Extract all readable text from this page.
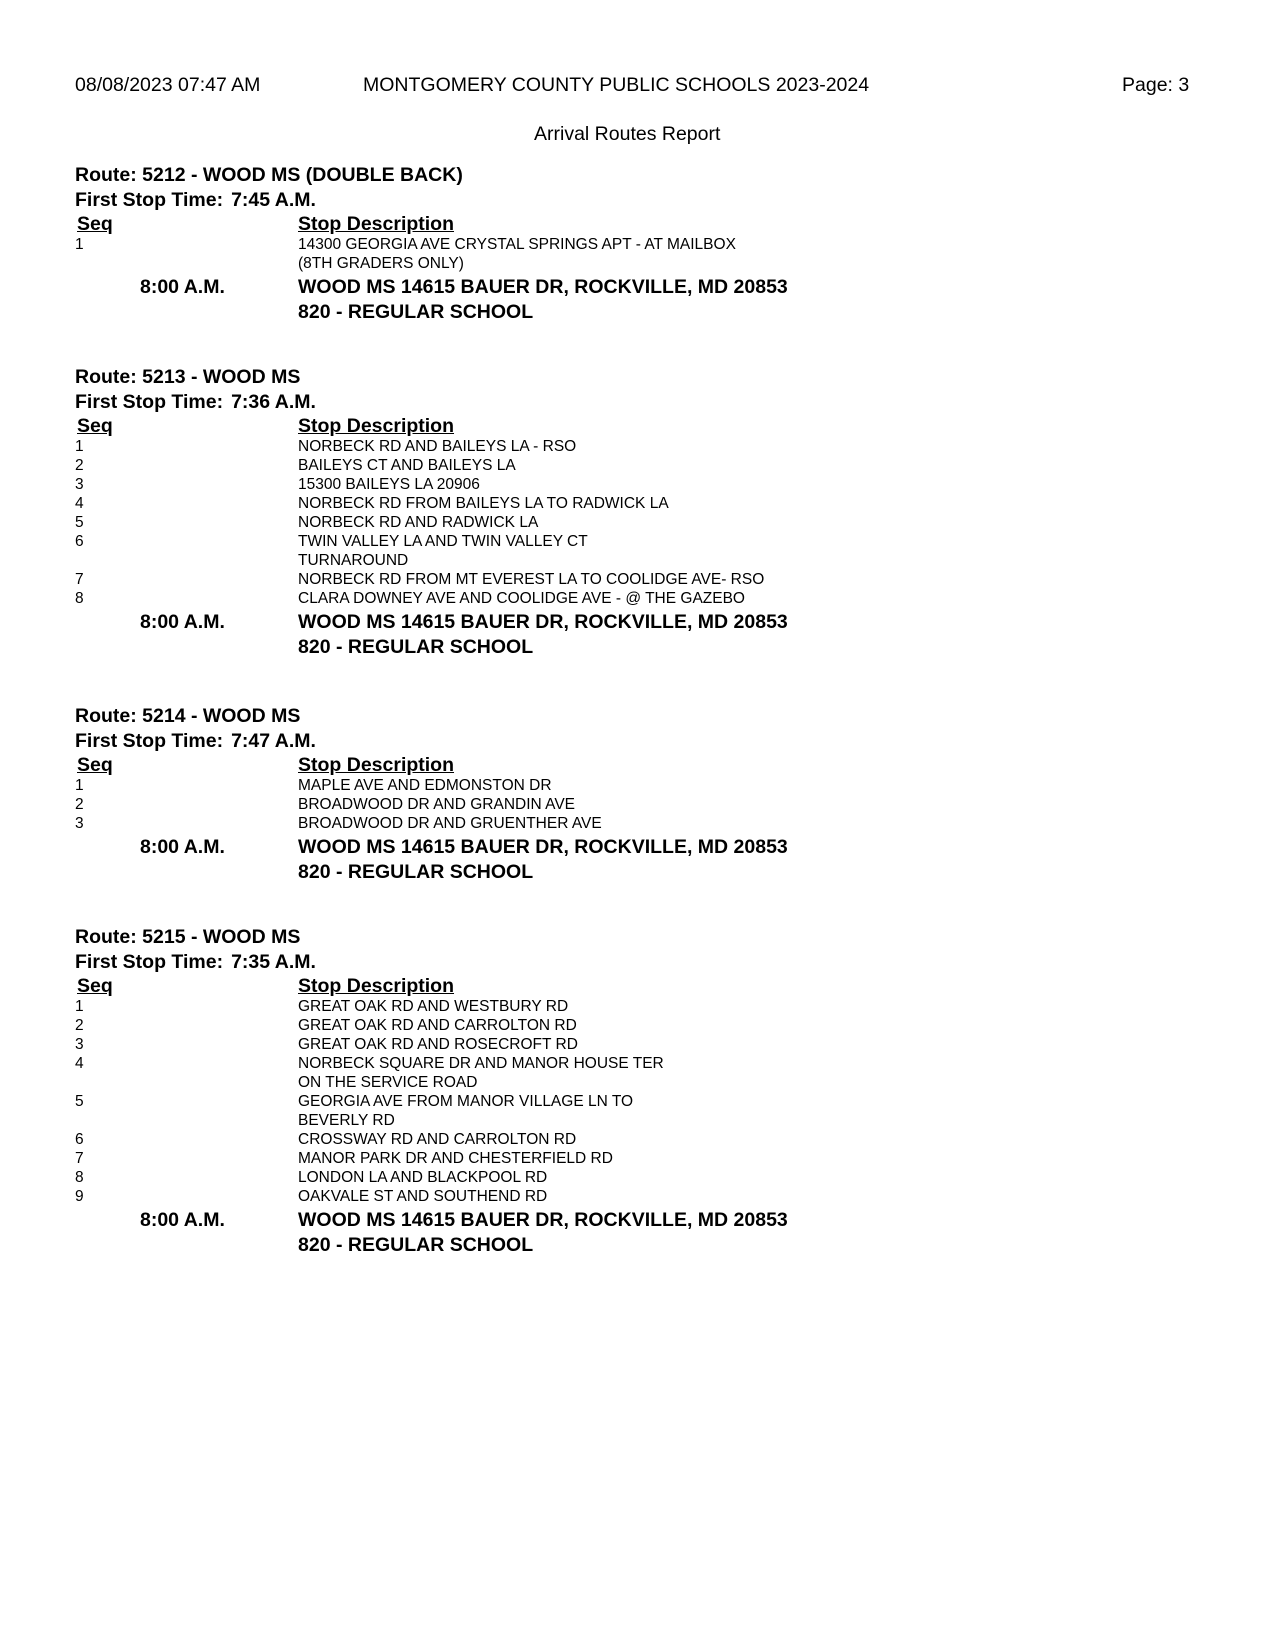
08/08/2023 07:47 AM	MONTGOMERY COUNTY PUBLIC SCHOOLS 2023-2024	Page: 3
Arrival Routes Report
Route: 5212 - WOOD MS (DOUBLE BACK)
First Stop Time: 7:45 A.M.
Seq	Stop Description
1	14300 GEORGIA AVE CRYSTAL SPRINGS APT - AT MAILBOX
(8TH GRADERS ONLY)
8:00 A.M.	WOOD MS 14615 BAUER DR, ROCKVILLE, MD 20853
820 - REGULAR SCHOOL
Route: 5213 - WOOD MS
First Stop Time: 7:36 A.M.
Seq	Stop Description
1	NORBECK RD AND BAILEYS LA - RSO
2	BAILEYS CT AND BAILEYS LA
3	15300 BAILEYS LA 20906
4	NORBECK RD FROM BAILEYS LA TO RADWICK LA
5	NORBECK RD AND RADWICK LA
6	TWIN VALLEY LA AND TWIN VALLEY CT
TURNAROUND
7	NORBECK RD FROM MT EVEREST LA TO COOLIDGE AVE- RSO
8	CLARA DOWNEY AVE AND COOLIDGE AVE - @ THE GAZEBO
8:00 A.M.	WOOD MS 14615 BAUER DR, ROCKVILLE, MD 20853
820 - REGULAR SCHOOL
Route: 5214 - WOOD MS
First Stop Time: 7:47 A.M.
Seq	Stop Description
1	MAPLE AVE AND EDMONSTON DR
2	BROADWOOD DR AND GRANDIN AVE
3	BROADWOOD DR AND GRUENTHER AVE
8:00 A.M.	WOOD MS 14615 BAUER DR, ROCKVILLE, MD 20853
820 - REGULAR SCHOOL
Route: 5215 - WOOD MS
First Stop Time: 7:35 A.M.
Seq	Stop Description
1	GREAT OAK RD AND WESTBURY RD
2	GREAT OAK RD AND CARROLTON RD
3	GREAT OAK RD AND ROSECROFT RD
4	NORBECK SQUARE DR AND MANOR HOUSE TER
ON THE SERVICE ROAD
5	GEORGIA AVE FROM MANOR VILLAGE LN TO
BEVERLY RD
6	CROSSWAY RD AND CARROLTON RD
7	MANOR PARK DR AND CHESTERFIELD RD
8	LONDON LA AND BLACKPOOL RD
9	OAKVALE ST AND SOUTHEND RD
8:00 A.M.	WOOD MS 14615 BAUER DR, ROCKVILLE, MD 20853
820 - REGULAR SCHOOL
